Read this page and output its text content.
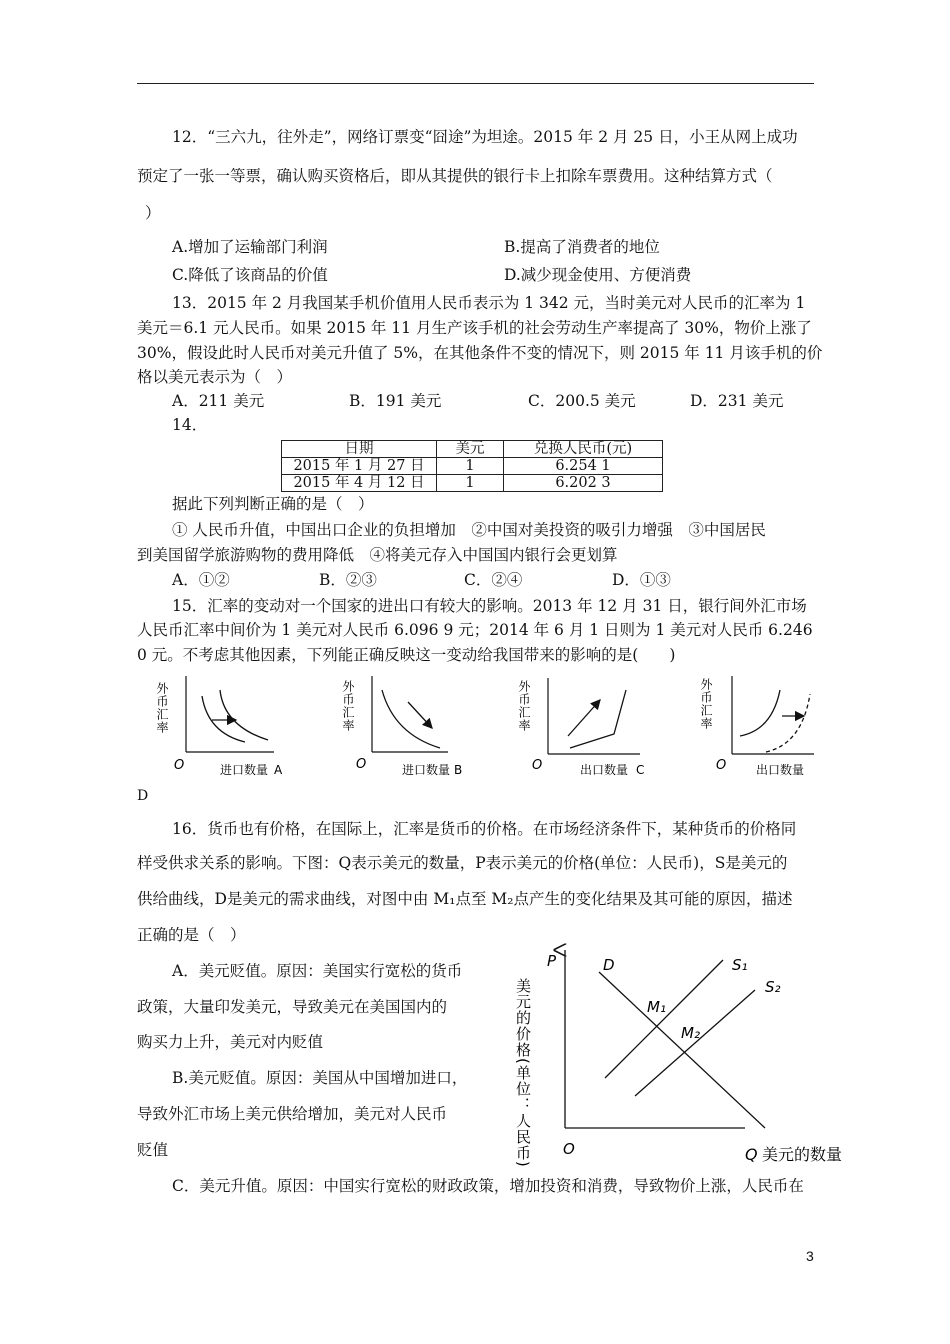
12．“三六九，往外走”，网络订票变“囧途”为坦途。2015 年 2 月 25 日，小王从网上成功
预定了一张一等票，确认购买资格后，即从其提供的银行卡上扣除车票费用。这种结算方式（
）
A.增加了运输部门利润	B.提高了消费者的地位
C.降低了该商品的价值	D.减少现金使用、方便消费
13．2015 年 2 月我国某手机价值用人民币表示为 1 342 元，当时美元对人民币的汇率为 1
美元＝6.1 元人民币。如果 2015 年 11 月生产该手机的社会劳动生产率提高了 30%，物价上涨了
30%，假设此时人民币对美元升值了 5%，在其他条件不变的情况下，则 2015 年 11 月该手机的价
格以美元表示为（　）
A．211 美元	B．191 美元	C．200.5 美元	D．231 美元
14．
日期	美元	兑换人民币(元)
2015 年 1 月 27 日	1	6.254 1
2015 年 4 月 12 日	1	6.202 3
据此下列判断正确的是（　）
① 人民币升值，中国出口企业的负担增加　②中国对美投资的吸引力增强　③中国居民
到美国留学旅游购物的费用降低　④将美元存入中国国内银行会更划算
A．①②	B．②③	C．②④	D．①③
15．汇率的变动对一个国家的进出口有较大的影响。2013 年 12 月 31 日，银行间外汇市场
人民币汇率中间价为 1 美元对人民币 6.096 9 元；2014 年 6 月 1 日则为 1 美元对人民币 6.246
0 元。不考虑其他因素，下列能正确反映这一变动给我国带来的影响的是(　　)
外币汇率
O	进口数量 A
外币汇率
O	进口数量 B
外币汇率
O	出口数量 C
外币汇率
O 出口数量
D
16．货币也有价格，在国际上，汇率是货币的价格。在市场经济条件下，某种货币的价格同
样受供求关系的影响。下图：Q表示美元的数量，P表示美元的价格(单位：人民币)，S是美元的
供给曲线，D是美元的需求曲线，对图中由 M₁点至 M₂点产生的变化结果及其可能的原因，描述
正确的是（　）
A．美元贬值。原因：美国实行宽松的货币
政策，大量印发美元，导致美元在美国国内的
购买力上升，美元对内贬值
B.美元贬值。原因：美国从中国增加进口，
导致外汇市场上美元供给增加，美元对人民币
贬值
C．美元升值。原因：中国实行宽松的财政政策，增加投资和消费，导致物价上涨，人民币在
P
美元的价格(单位：人民币) O	Q 美元的数量
D	S₁
S₂
M₁
M₂
3
